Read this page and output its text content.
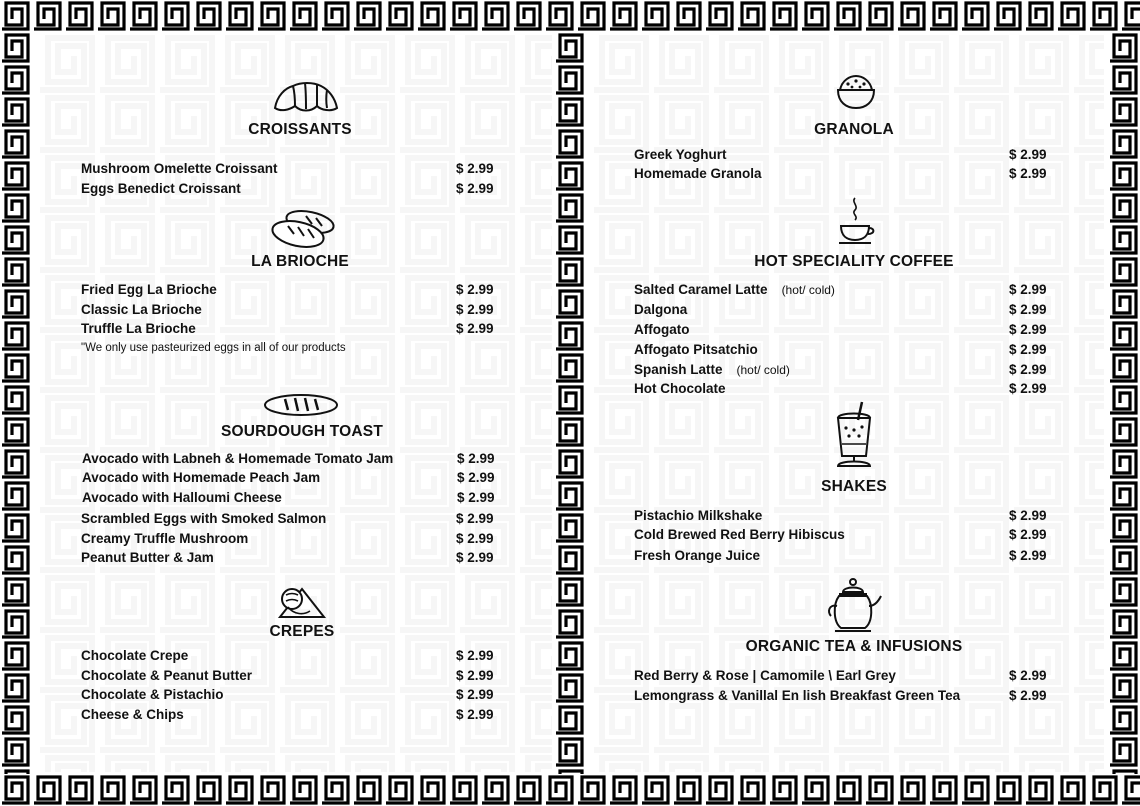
CROISSANTS
Mushroom Omelette Croissant	$ 2.99
Eggs Benedict Croissant	$ 2.99
LA BRIOCHE
Fried Egg La Brioche	$ 2.99
Classic La Brioche	$ 2.99
Truffle La Brioche	$ 2.99
"We only use pasteurized eggs in all of our products
SOURDOUGH TOAST
Avocado with Labneh & Homemade Tomato Jam	$ 2.99
Avocado with Homemade Peach Jam	$ 2.99
Avocado with Halloumi Cheese	$ 2.99
Scrambled Eggs with Smoked Salmon	$ 2.99
Creamy Truffle Mushroom	$ 2.99
Peanut Butter & Jam	$ 2.99
CREPES
Chocolate Crepe	$ 2.99
Chocolate & Peanut Butter	$ 2.99
Chocolate & Pistachio	$ 2.99
Cheese & Chips	$ 2.99
GRANOLA
Greek Yoghurt	$ 2.99
Homemade Granola	$ 2.99
HOT SPECIALITY COFFEE
Salted Caramel Latte (hot/ cold)	$ 2.99
Dalgona	$ 2.99
Affogato	$ 2.99
Affogato Pitsatchio	$ 2.99
Spanish Latte (hot/ cold)	$ 2.99
Hot Chocolate	$ 2.99
SHAKES
Pistachio Milkshake	$ 2.99
Cold Brewed Red Berry Hibiscus	$ 2.99
Fresh Orange Juice	$ 2.99
ORGANIC TEA & INFUSIONS
Red Berry & Rose | Camomile \ Earl Grey	$ 2.99
Lemongrass & Vanillal En lish Breakfast Green Tea	$ 2.99
